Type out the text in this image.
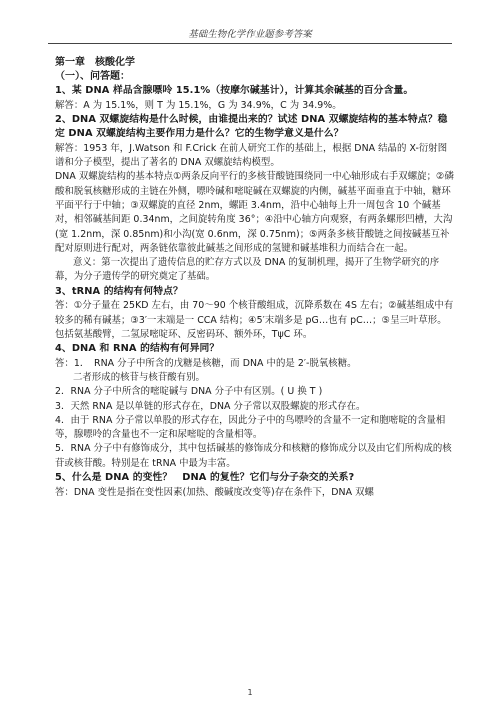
基础生物化学作业题参考答案

第一章　核酸化学

（一）、问答题：

1、某 DNA 样品含腺嘌呤 15.1%（按摩尔碱基计），计算其余碱基的百分含量。

解答：A 为 15.1%，则 T 为 15.1%，G 为 34.9%，C 为 34.9%。

2、DNA 双螺旋结构是什么时候，由谁提出来的？试述 DNA 双螺旋结构的基本特点？稳定 DNA 双螺旋结构主要作用力是什么？它的生物学意义是什么？

解答：1953 年，J.Watson 和 F.Crick 在前人研究工作的基础上，根据 DNA 结晶的 X-衍射图谱和分子模型，提出了著名的 DNA 双螺旋结构模型。

DNA 双螺旋结构的基本特点①两条反向平行的多核苷酸链围绕同一中心轴形成右手双螺旋；②磷酸和脱氧核糖形成的主链在外侧，嘌呤碱和嘧啶碱在双螺旋的内侧，碱基平面垂直于中轴，糖环平面平行于中轴；③双螺旋的直径 2nm，螺距 3.4nm，沿中心轴每上升一周包含 10 个碱基对，相邻碱基间距 0.34nm，之间旋转角度 36°；④沿中心轴方向观察，有两条螺形凹槽，大沟(宽 1.2nm，深 0.85nm)和小沟(宽 0.6nm，深 0.75nm)；⑤两条多核苷酸链之间按碱基互补配对原则进行配对，两条链依靠彼此碱基之间形成的氢键和碱基堆积力而结合在一起。

意义：第一次提出了遗传信息的贮存方式以及 DNA 的复制机理，揭开了生物学研究的序幕，为分子遗传学的研究奠定了基础。

3、tRNA 的结构有何特点？

答：①分子量在 25KD 左右，由 70～90 个核苷酸组成，沉降系数在 4S 左右；②碱基组成中有较多的稀有碱基；③3′一末端是一 CCA 结构；④5′末端多是 pG…也有 pC…；⑤呈三叶草形。包括氨基酸臂，二氢尿嘧啶环、反密码环、额外环，TψC 环。

4、DNA 和 RNA 的结构有何异同？

答：1．　RNA 分子中所含的戊糖是核糖，而 DNA 中的是 2′-脱氧核糖。

二者形成的核苷与核苷酸有别。

2．RNA 分子中所含的嘧啶碱与 DNA 分子中有区别。( U 换 T )

3．天然 RNA 是以单链的形式存在，DNA 分子常以双股螺旋的形式存在。

4．由于 RNA 分子常以单股的形式存在，因此分子中的鸟嘌呤的含量不一定和胞嘧啶的含量相等，腺嘌呤的含量也不一定和尿嘧啶的含量相等。

5．RNA 分子中有修饰成分，其中包括碱基的修饰成分和核糖的修饰成分以及由它们所构成的核苷或核苷酸。特别是在 tRNA 中最为丰富。

5、什么是 DNA 的变性？　DNA 的复性？它们与分子杂交的关系?

答：DNA 变性是指在变性因素(加热、酸碱度改变等)存在条件下，DNA 双螺

1
